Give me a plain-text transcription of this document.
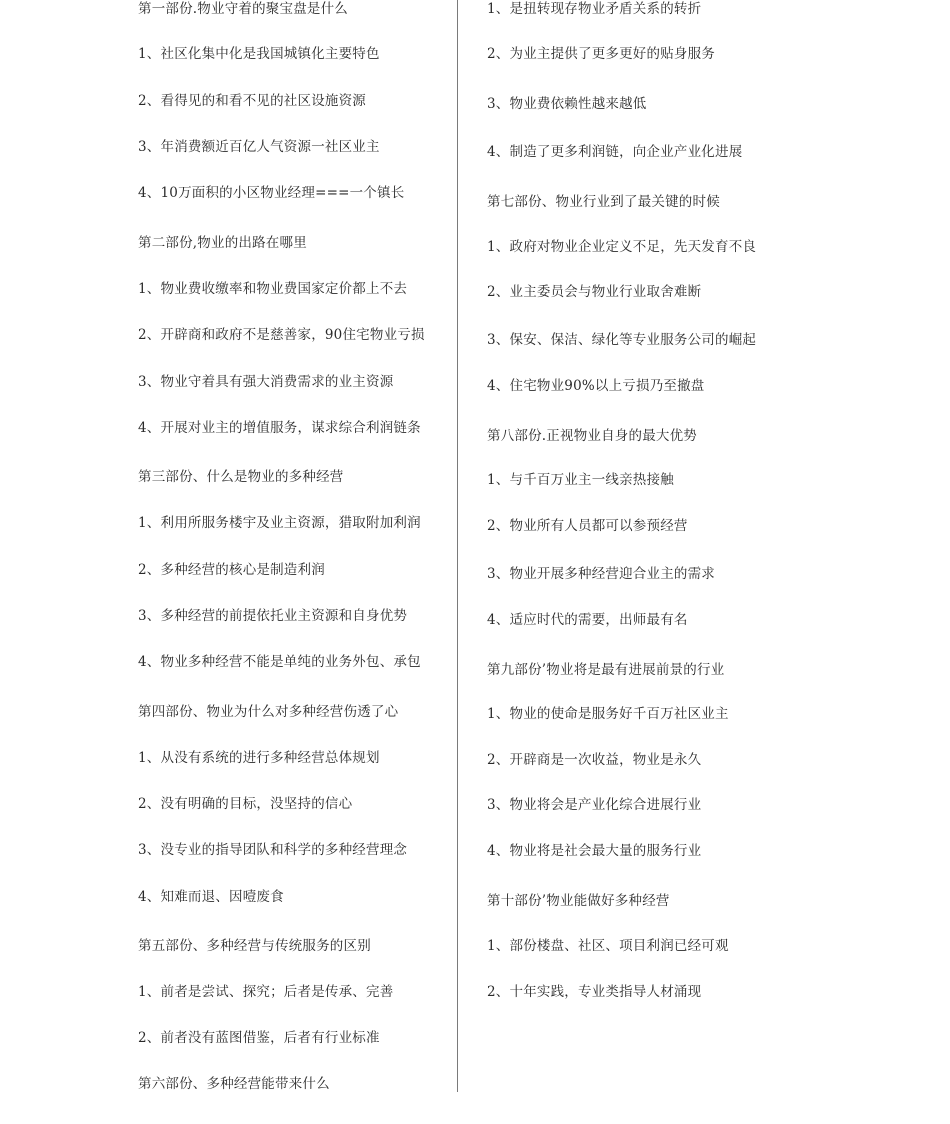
第一部份.物业守着的聚宝盘是什么
1、社区化集中化是我国城镇化主要特色
2、看得见的和看不见的社区设施资源
3、年消费额近百亿人气资源一社区业主
4、10万面积的小区物业经理===一个镇长
第二部份,物业的出路在哪里
1、物业费收缴率和物业费国家定价都上不去
2、开辟商和政府不是慈善家，90住宅物业亏损
3、物业守着具有强大消费需求的业主资源
4、开展对业主的增值服务，谋求综合利润链条
第三部份、什么是物业的多种经营
1、利用所服务楼宇及业主资源，猎取附加利润
2、多种经营的核心是制造利润
3、多种经营的前提依托业主资源和自身优势
4、物业多种经营不能是单纯的业务外包、承包
第四部份、物业为什么对多种经营伤透了心
1、从没有系统的进行多种经营总体规划
2、没有明确的目标，没坚持的信心
3、没专业的指导团队和科学的多种经营理念
4、知难而退、因噎废食
第五部份、多种经营与传统服务的区别
1、前者是尝试、探究；后者是传承、完善
2、前者没有蓝图借鉴，后者有行业标准
第六部份、多种经营能带来什么
1、是扭转现存物业矛盾关系的转折
2、为业主提供了更多更好的贴身服务
3、物业费依赖性越来越低
4、制造了更多利润链，向企业产业化进展
第七部份、物业行业到了最关键的时候
1、政府对物业企业定义不足，先天发育不良
2、业主委员会与物业行业取舍难断
3、保安、保洁、绿化等专业服务公司的崛起
4、住宅物业90%以上亏损乃至撤盘
第八部份.正视物业自身的最大优势
1、与千百万业主一线亲热接触
2、物业所有人员都可以参预经营
3、物业开展多种经营迎合业主的需求
4、适应时代的需要，出师最有名
第九部份’物业将是最有进展前景的行业
1、物业的使命是服务好千百万社区业主
2、开辟商是一次收益，物业是永久
3、物业将会是产业化综合进展行业
4、物业将是社会最大量的服务行业
第十部份’物业能做好多种经营
1、部份楼盘、社区、项目利润已经可观
2、十年实践，专业类指导人材涌现
